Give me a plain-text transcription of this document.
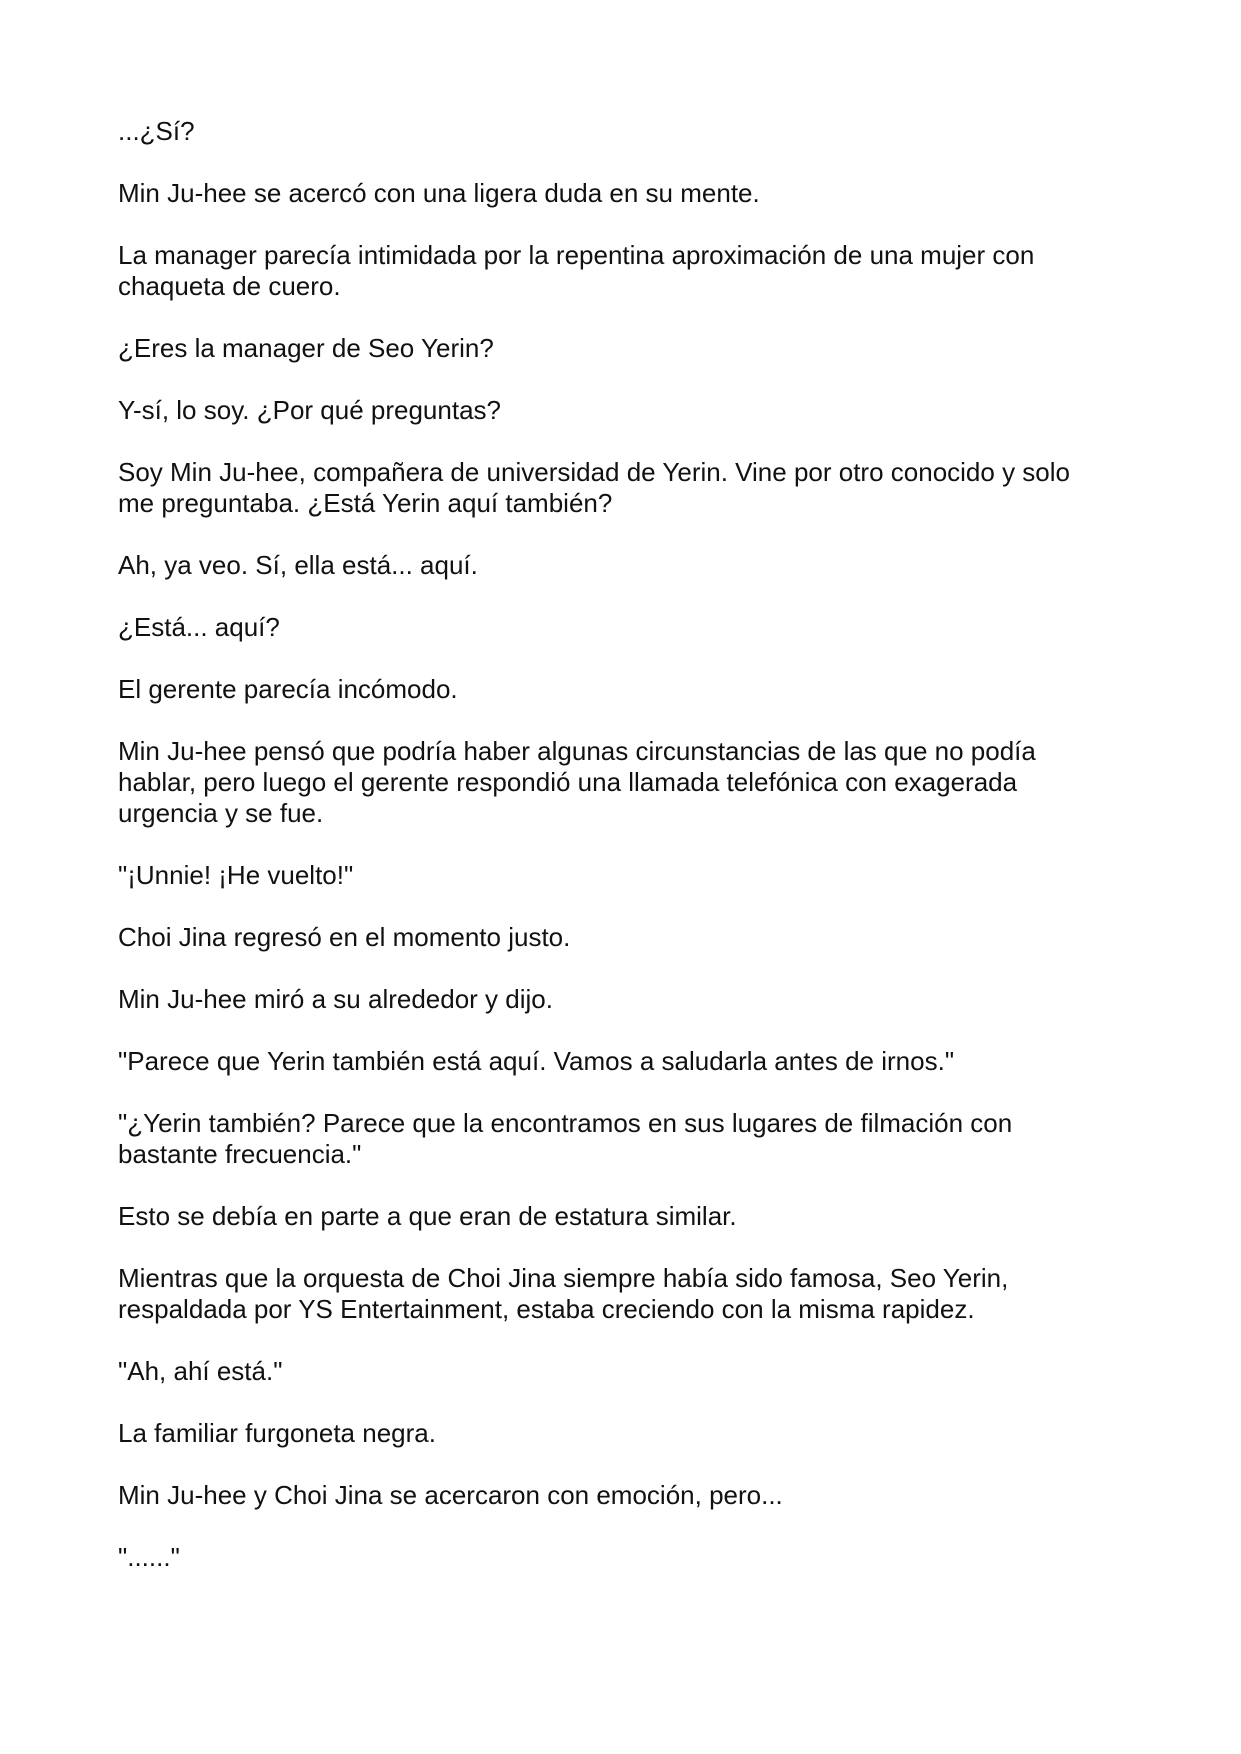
...¿Sí?

Min Ju-hee se acercó con una ligera duda en su mente.

La manager parecía intimidada por la repentina aproximación de una mujer con
chaqueta de cuero.

¿Eres la manager de Seo Yerin?

Y-sí, lo soy. ¿Por qué preguntas?

Soy Min Ju-hee, compañera de universidad de Yerin. Vine por otro conocido y solo
me preguntaba. ¿Está Yerin aquí también?

Ah, ya veo. Sí, ella está... aquí.

¿Está... aquí?

El gerente parecía incómodo.

Min Ju-hee pensó que podría haber algunas circunstancias de las que no podía
hablar, pero luego el gerente respondió una llamada telefónica con exagerada
urgencia y se fue.

"¡Unnie! ¡He vuelto!"

Choi Jina regresó en el momento justo.

Min Ju-hee miró a su alrededor y dijo.

"Parece que Yerin también está aquí. Vamos a saludarla antes de irnos."

"¿Yerin también? Parece que la encontramos en sus lugares de filmación con
bastante frecuencia."

Esto se debía en parte a que eran de estatura similar.

Mientras que la orquesta de Choi Jina siempre había sido famosa, Seo Yerin,
respaldada por YS Entertainment, estaba creciendo con la misma rapidez.

"Ah, ahí está."

La familiar furgoneta negra.

Min Ju-hee y Choi Jina se acercaron con emoción, pero...

"......"
